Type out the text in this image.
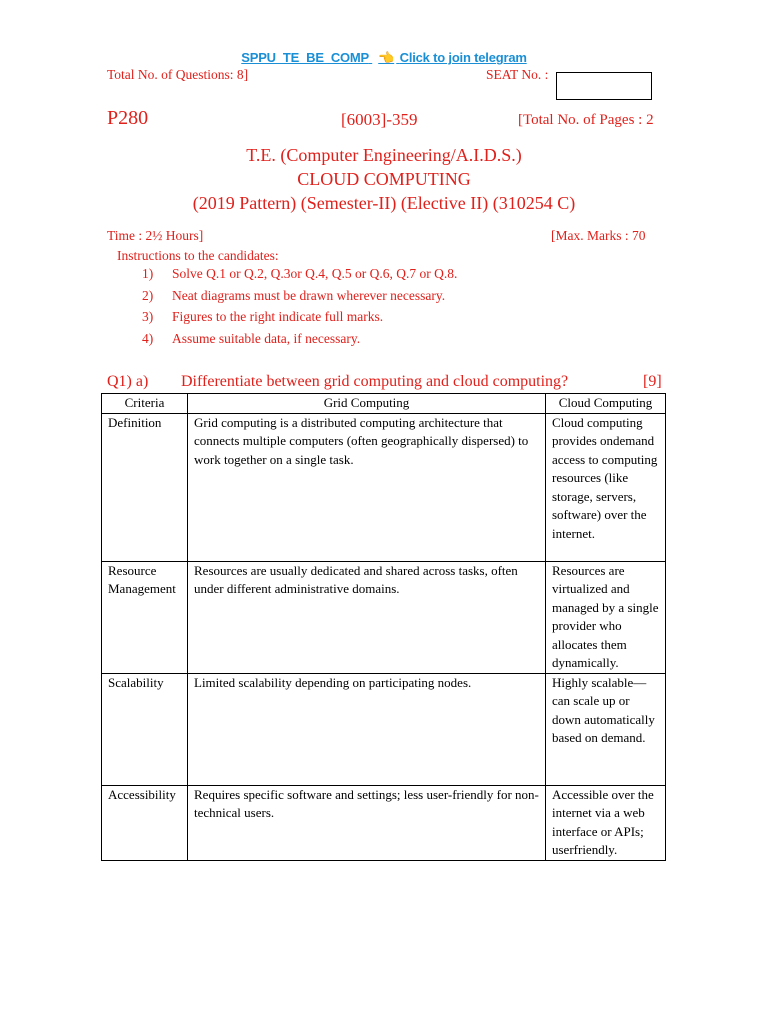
SPPU_TE_BE_COMP 👈 Click to join telegram
Total No. of Questions: 8]	SEAT No. :
P280	[6003]-359	[Total No. of Pages : 2
T.E. (Computer Engineering/A.I.D.S.)
CLOUD COMPUTING
(2019 Pattern) (Semester-II) (Elective II) (310254 C)
Time : 2½ Hours]	[Max. Marks : 70
Instructions to the candidates:
1)	Solve Q.1 or Q.2, Q.3or Q.4, Q.5 or Q.6, Q.7 or Q.8.
2)	Neat diagrams must be drawn wherever necessary.
3)	Figures to the right indicate full marks.
4)	Assume suitable data, if necessary.
Q1) a) Differentiate between grid computing and cloud computing?	[9]
Criteria	Grid Computing	Cloud Computing
Definition	Grid computing is a distributed computing architecture that connects multiple computers (often geographically dispersed) to work together on a single task.	Cloud computing provides ondemand access to computing resources (like storage, servers, software) over the internet.
Resource Management	Resources are usually dedicated and shared across tasks, often under different administrative domains.	Resources are virtualized and managed by a single provider who allocates them dynamically.
Scalability	Limited scalability depending on participating nodes.	Highly scalable—can scale up or down automatically based on demand.
Accessibility	Requires specific software and settings; less user-friendly for non-technical users.	Accessible over the internet via a web interface or APIs; userfriendly.
